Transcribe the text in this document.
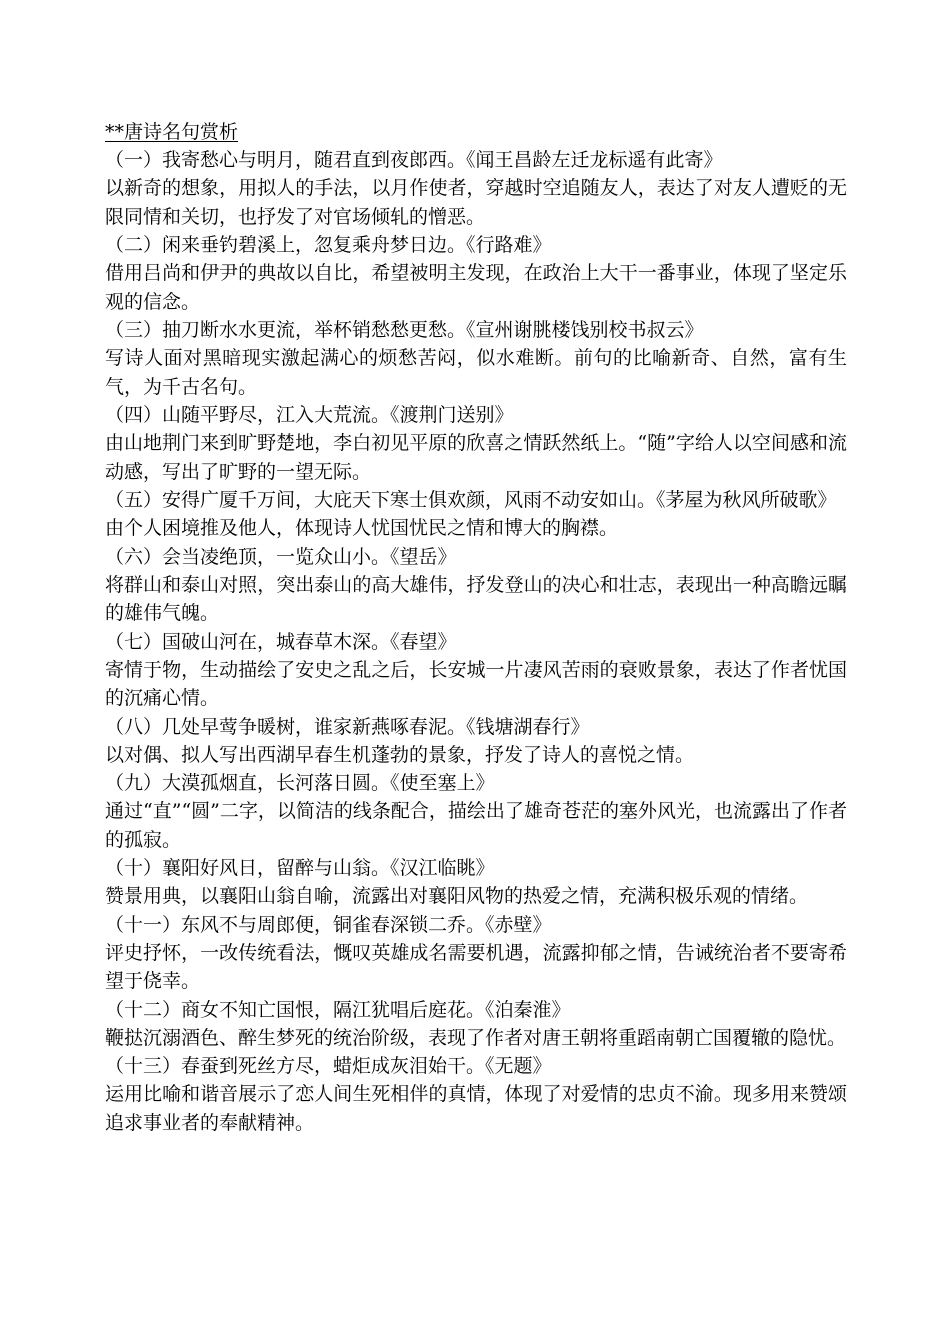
**唐诗名句赏析
（一）我寄愁心与明月，随君直到夜郎西。《闻王昌龄左迁龙标遥有此寄》
以新奇的想象，用拟人的手法，以月作使者，穿越时空追随友人，表达了对友人遭贬的无限同情和关切，也抒发了对官场倾轧的憎恶。
（二）闲来垂钓碧溪上，忽复乘舟梦日边。《行路难》
借用吕尚和伊尹的典故以自比，希望被明主发现，在政治上大干一番事业，体现了坚定乐观的信念。
（三）抽刀断水水更流，举杯销愁愁更愁。《宣州谢朓楼饯别校书叔云》
写诗人面对黑暗现实激起满心的烦愁苦闷，似水难断。前句的比喻新奇、自然，富有生气，为千古名句。
（四）山随平野尽，江入大荒流。《渡荆门送别》
由山地荆门来到旷野楚地，李白初见平原的欣喜之情跃然纸上。“随”字给人以空间感和流动感，写出了旷野的一望无际。
（五）安得广厦千万间，大庇天下寒士俱欢颜，风雨不动安如山。《茅屋为秋风所破歌》
由个人困境推及他人，体现诗人忧国忧民之情和博大的胸襟。
（六）会当凌绝顶，一览众山小。《望岳》
将群山和泰山对照，突出泰山的高大雄伟，抒发登山的决心和壮志，表现出一种高瞻远瞩的雄伟气魄。
（七）国破山河在，城春草木深。《春望》
寄情于物，生动描绘了安史之乱之后，长安城一片凄风苦雨的衰败景象，表达了作者忧国的沉痛心情。
（八）几处早莺争暖树，谁家新燕啄春泥。《钱塘湖春行》
以对偶、拟人写出西湖早春生机蓬勃的景象，抒发了诗人的喜悦之情。
（九）大漠孤烟直，长河落日圆。《使至塞上》
通过“直”“圆”二字，以简洁的线条配合，描绘出了雄奇苍茫的塞外风光，也流露出了作者的孤寂。
（十）襄阳好风日，留醉与山翁。《汉江临眺》
赞景用典，以襄阳山翁自喻，流露出对襄阳风物的热爱之情，充满积极乐观的情绪。
（十一）东风不与周郎便，铜雀春深锁二乔。《赤壁》
评史抒怀，一改传统看法，慨叹英雄成名需要机遇，流露抑郁之情，告诫统治者不要寄希望于侥幸。
（十二）商女不知亡国恨，隔江犹唱后庭花。《泊秦淮》
鞭挞沉溺酒色、醉生梦死的统治阶级，表现了作者对唐王朝将重蹈南朝亡国覆辙的隐忧。
（十三）春蚕到死丝方尽，蜡炬成灰泪始干。《无题》
运用比喻和谐音展示了恋人间生死相伴的真情，体现了对爱情的忠贞不渝。现多用来赞颂追求事业者的奉献精神。
